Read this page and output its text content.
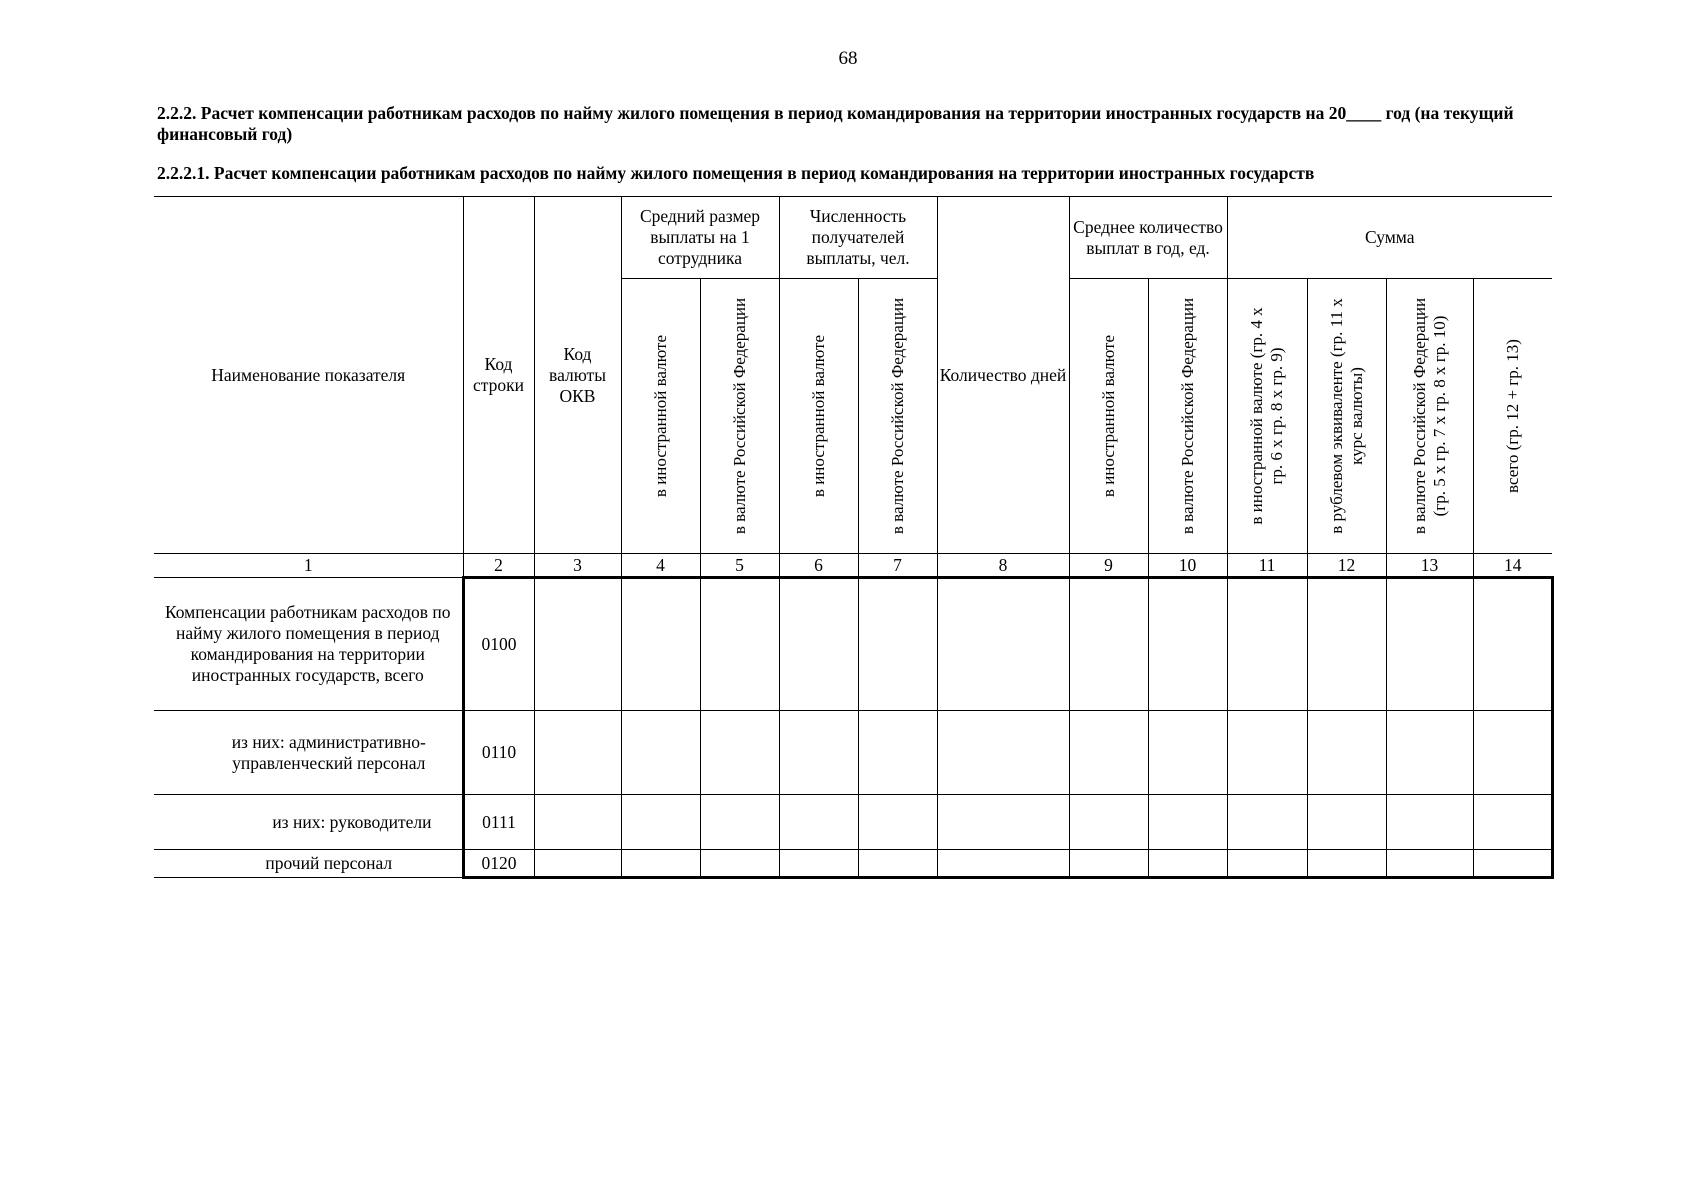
68

2.2.2. Расчет компенсации работникам расходов по найму жилого помещения в период командирования на территории иностранных государств на 20____ год (на текущий финансовый год)

2.2.2.1. Расчет компенсации работникам расходов по найму жилого помещения в период командирования на территории иностранных государств

Наименование показателя	Код строки	Код валюты ОКВ	Средний размер выплаты на 1 сотрудника		Численность получателей выплаты, чел.		Количество дней	Среднее количество выплат в год, ед.		Сумма			

			в иностранной валюте	в валюте Российской Федерации	в иностранной валюте	в валюте Российской Федерации		в иностранной валюте	в валюте Российской Федерации	в иностранной валюте (гр. 4 x гр. 6 x гр. 8 x гр. 9)	в рублевом эквиваленте (гр. 11 x курс валюты)	в валюте Российской Федерации (гр. 5 x гр. 7 x гр. 8 x гр. 10)	всего (гр. 12 + гр. 13)

1	2	3	4	5	6	7	8	9	10	11	12	13	14
Компенсации работникам расходов по найму жилого помещения в период командирования на территории иностранных государств, всего	0100												
из них: административно-управленческий персонал	0110												
из них: руководители	0111												
прочий персонал	0120												
